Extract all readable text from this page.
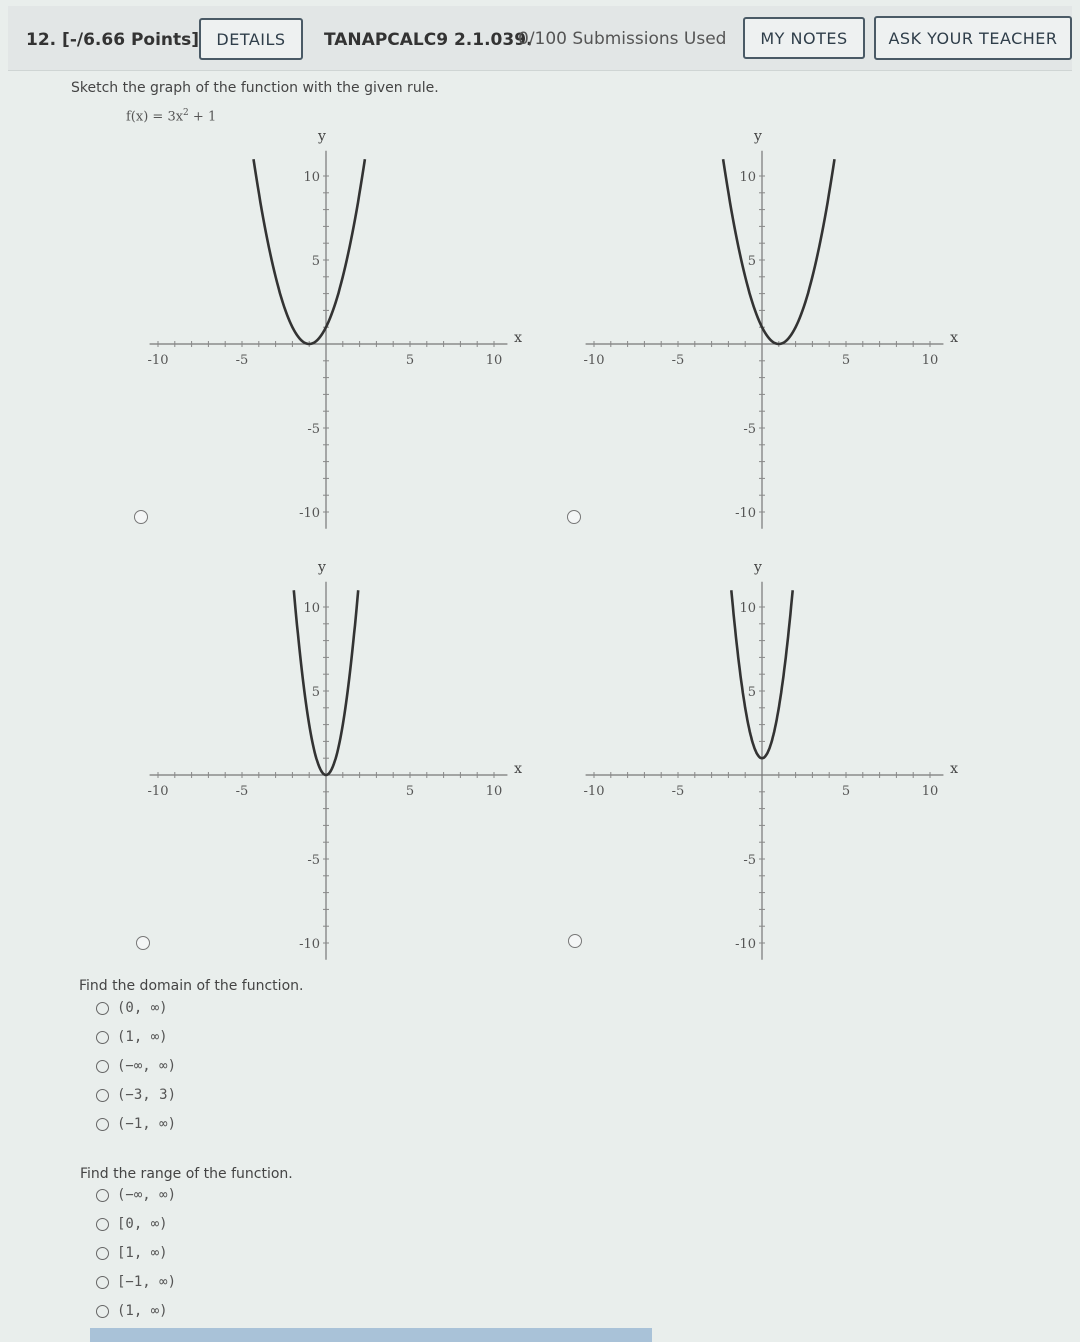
12. [-/6.66 Points]	DETAILS	TANAPCALC9 2.1.039.
0/100 Submissions Used	MY NOTES	ASK YOUR TEACHER
Sketch the graph of the function with the given rule.
$f(x) = 3x^2 + 1$
-10	-5	5	10
-10
-5
5
10
x
y
-10	-5	5	10
-10
-5
5
10
x
y
-10	-5	5	10
-10
-5
5
10
x
y
-10	-5	5	10
-10
-5
5
10
x
y
Find the domain of the function.
(0, ∞)
(1, ∞)
(−∞, ∞)
(−3, 3)
(−1, ∞)
Find the range of the function.
(−∞, ∞)
[0, ∞)
[1, ∞)
[−1, ∞)
(1, ∞)
